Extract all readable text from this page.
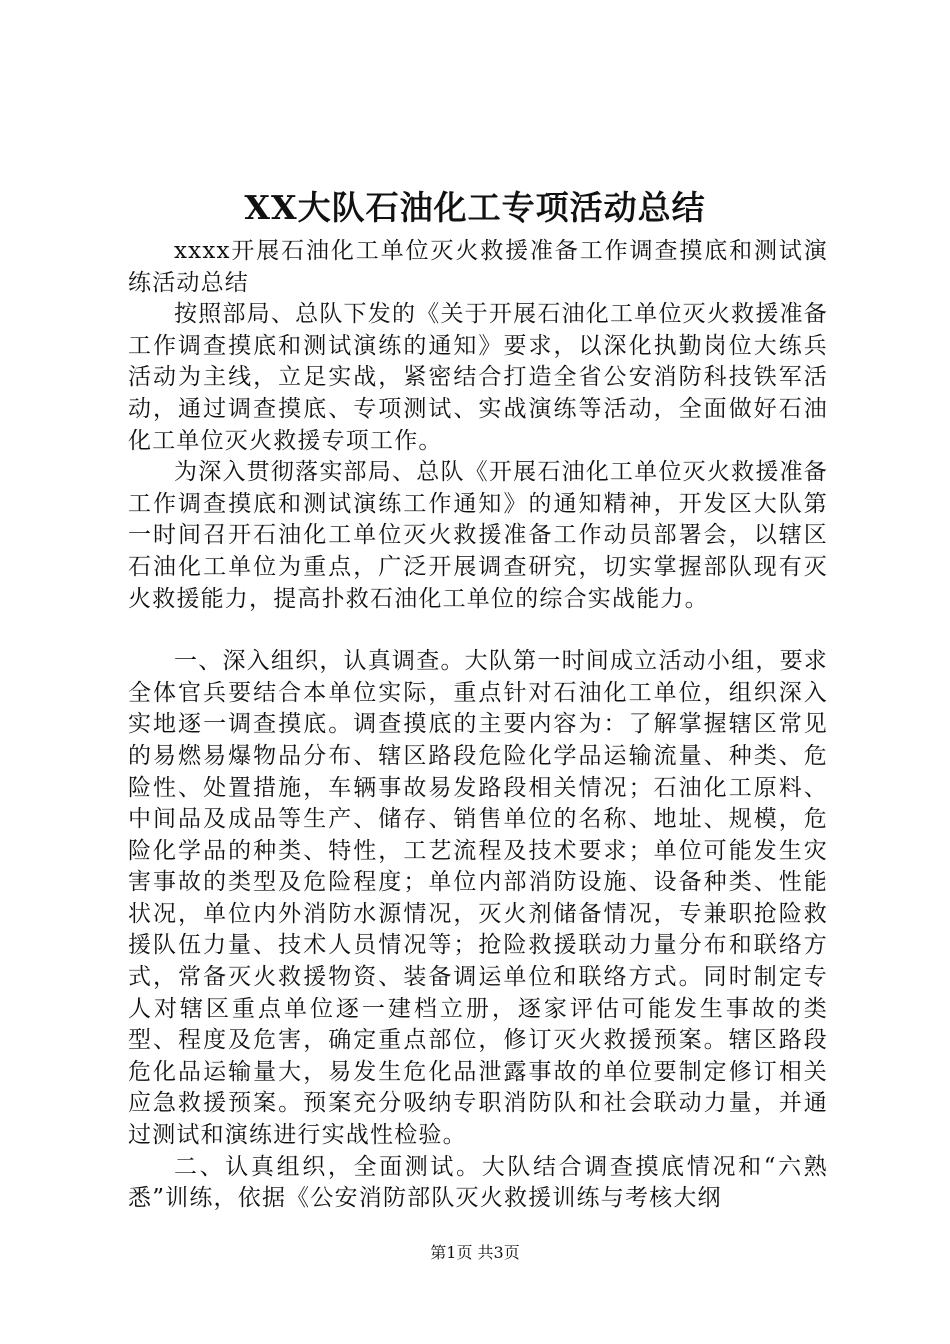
XX大队石油化工专项活动总结

xxxx开展石油化工单位灭火救援准备工作调查摸底和测试演练活动总结

按照部局、总队下发的《关于开展石油化工单位灭火救援准备工作调查摸底和测试演练的通知》要求，以深化执勤岗位大练兵活动为主线，立足实战，紧密结合打造全省公安消防科技铁军活动，通过调查摸底、专项测试、实战演练等活动，全面做好石油化工单位灭火救援专项工作。

为深入贯彻落实部局、总队《开展石油化工单位灭火救援准备工作调查摸底和测试演练工作通知》的通知精神，开发区大队第一时间召开石油化工单位灭火救援准备工作动员部署会，以辖区石油化工单位为重点，广泛开展调查研究，切实掌握部队现有灭火救援能力，提高扑救石油化工单位的综合实战能力。

一、深入组织，认真调查。大队第一时间成立活动小组，要求全体官兵要结合本单位实际，重点针对石油化工单位，组织深入实地逐一调查摸底。调查摸底的主要内容为：了解掌握辖区常见的易燃易爆物品分布、辖区路段危险化学品运输流量、种类、危险性、处置措施，车辆事故易发路段相关情况；石油化工原料、中间品及成品等生产、储存、销售单位的名称、地址、规模，危险化学品的种类、特性，工艺流程及技术要求；单位可能发生灾害事故的类型及危险程度；单位内部消防设施、设备种类、性能状况，单位内外消防水源情况，灭火剂储备情况，专兼职抢险救援队伍力量、技术人员情况等；抢险救援联动力量分布和联络方式，常备灭火救援物资、装备调运单位和联络方式。同时制定专人对辖区重点单位逐一建档立册，逐家评估可能发生事故的类型、程度及危害，确定重点部位，修订灭火救援预案。辖区路段危化品运输量大，易发生危化品泄露事故的单位要制定修订相关应急救援预案。预案充分吸纳专职消防队和社会联动力量，并通过测试和演练进行实战性检验。

二、认真组织，全面测试。大队结合调查摸底情况和“六熟悉”训练，依据《公安消防部队灭火救援训练与考核大纲

第1页 共3页
